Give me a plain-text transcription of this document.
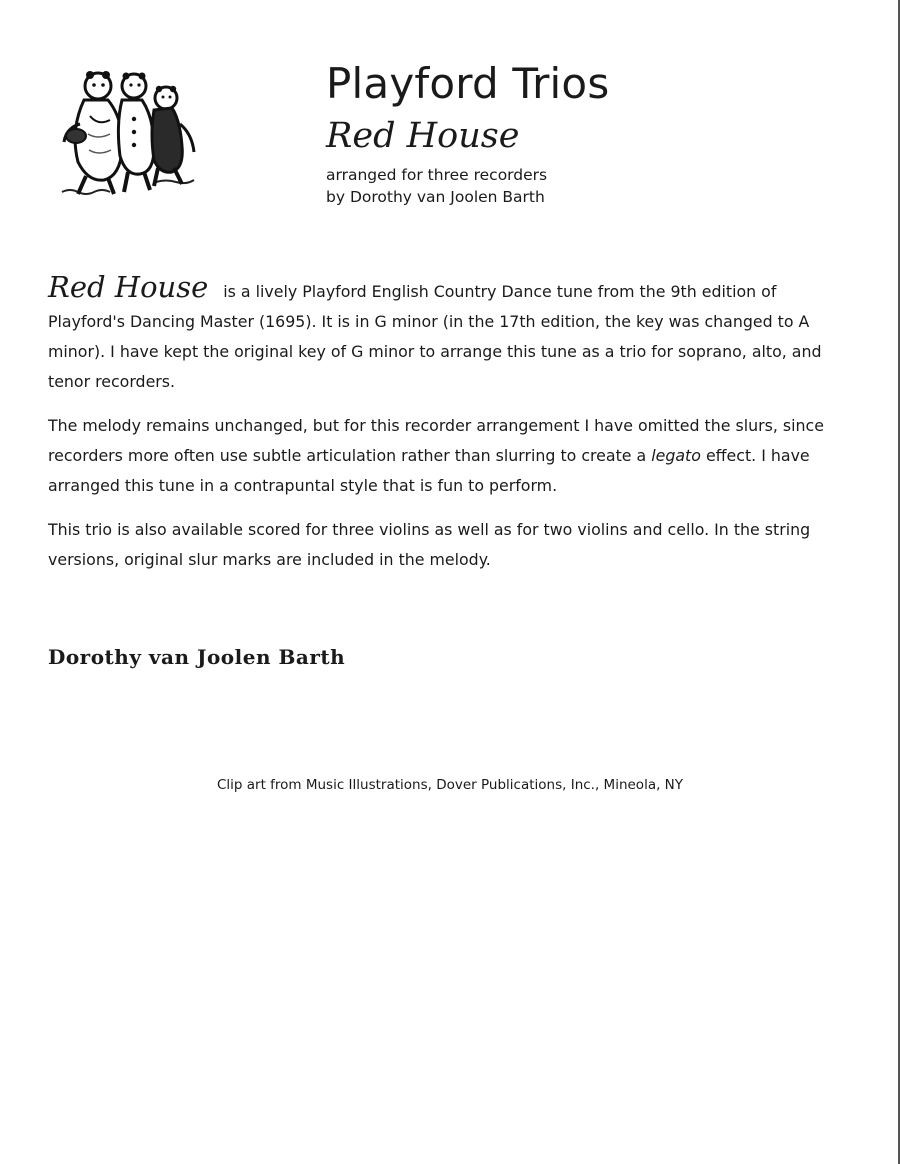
Playford Trios
Red House

arranged for three recorders

by Dorothy van Joolen Barth

Red House is a lively Playford English Country Dance tune from the 9th edition of Playford's Dancing Master (1695). It is in G minor (in the 17th edition, the key was changed to A minor). I have kept the original key of G minor to arrange this tune as a trio for soprano, alto, and tenor recorders.

The melody remains unchanged, but for this recorder arrangement I have omitted the slurs, since recorders more often use subtle articulation rather than slurring to create a legato effect. I have arranged this tune in a contrapuntal style that is fun to perform.

This trio is also available scored for three violins as well as for two violins and cello. In the string versions, original slur marks are included in the melody.

Dorothy van Joolen Barth
Clip art from Music Illustrations, Dover Publications, Inc., Mineola, NY
